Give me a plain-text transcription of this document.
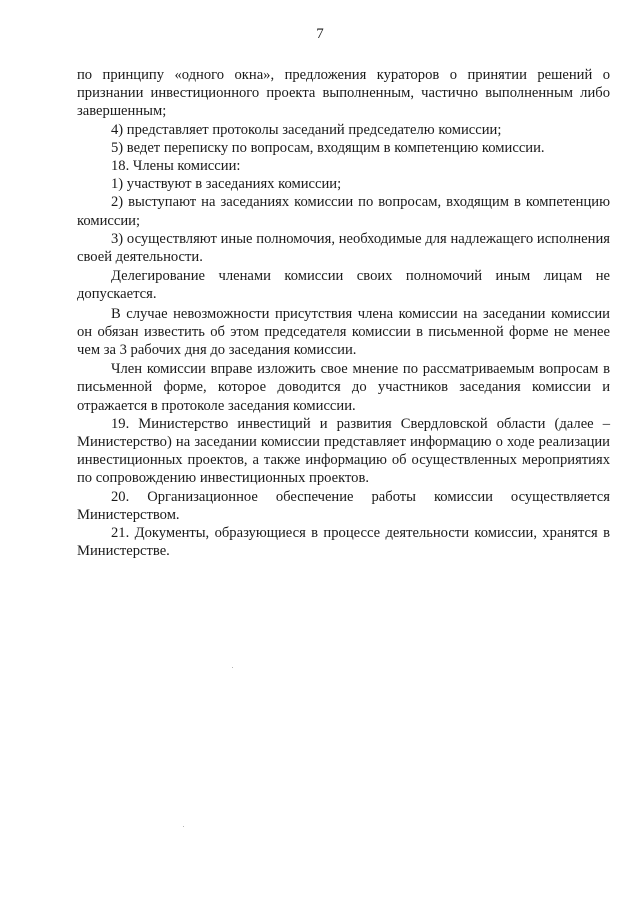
7

по принципу «одного окна», предложения кураторов о принятии решений о признании инвестиционного проекта выполненным, частично выполненным либо завершенным;

4) представляет протоколы заседаний председателю комиссии;

5) ведет переписку по вопросам, входящим в компетенцию комиссии.

18. Члены комиссии:

1) участвуют в заседаниях комиссии;

2) выступают на заседаниях комиссии по вопросам, входящим в компетенцию комиссии;

3) осуществляют иные полномочия, необходимые для надлежащего исполнения своей деятельности.

Делегирование членами комиссии своих полномочий иным лицам не допускается.

В случае невозможности присутствия члена комиссии на заседании комиссии он обязан известить об этом председателя комиссии в письменной форме не менее чем за 3 рабочих дня до заседания комиссии.

Член комиссии вправе изложить свое мнение по рассматриваемым вопросам в письменной форме, которое доводится до участников заседания комиссии и отражается в протоколе заседания комиссии.

19. Министерство инвестиций и развития Свердловской области (далее – Министерство) на заседании комиссии представляет информацию о ходе реализации инвестиционных проектов, а также информацию об осуществленных мероприятиях по сопровождению инвестиционных проектов.

20. Организационное обеспечение работы комиссии осуществляется Министерством.

21. Документы, образующиеся в процессе деятельности комиссии, хранятся в Министерстве.
